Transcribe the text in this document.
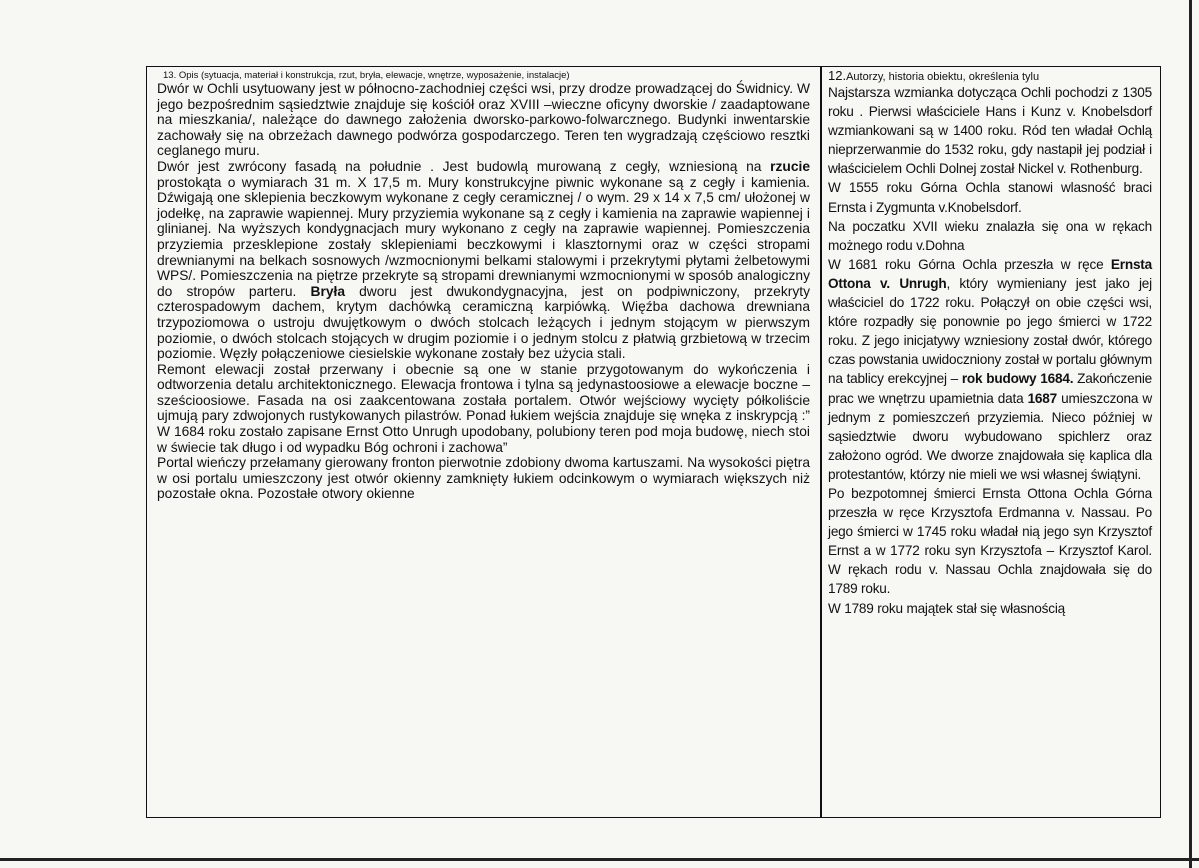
13. Opis (sytuacja, materiał i konstrukcja, rzut, bryła, elewacje, wnętrze, wyposażenie, instalacje)

Dwór w Ochli usytuowany jest w północno-zachodniej części wsi, przy drodze prowadzącej do Świdnicy. W jego bezpośrednim sąsiedztwie znajduje się kościół oraz XVIII –wieczne oficyny dworskie / zaadaptowane na mieszkania/, należące do dawnego założenia dworsko-parkowo-folwarcznego. Budynki inwentarskie zachowały się na obrzeżach dawnego podwórza gospodarczego. Teren ten wygradzają częściowo resztki ceglanego muru.

Dwór jest zwrócony fasadą na południe . Jest budowlą murowaną z cegły, wzniesioną na rzucie prostokąta o wymiarach 31 m. X 17,5 m. Mury konstrukcyjne piwnic wykonane są z cegły i kamienia. Dźwigają one sklepienia beczkowym wykonane z cegły ceramicznej / o wym. 29 x 14 x 7,5 cm/ ułożonej w jodełkę, na zaprawie wapiennej. Mury przyziemia wykonane są z cegły i kamienia na zaprawie wapiennej i glinianej. Na wyższych kondygnacjach mury wykonano z cegły na zaprawie wapiennej. Pomieszczenia przyziemia przesklepione zostały sklepieniami beczkowymi i klasztornymi oraz w części stropami drewnianymi na belkach sosnowych /wzmocnionymi belkami stalowymi i przekrytymi płytami żelbetowymi WPS/. Pomieszczenia na piętrze przekryte są stropami drewnianymi wzmocnionymi w sposób analogiczny do stropów parteru. Bryła dworu jest dwukondygnacyjna, jest on podpiwniczony, przekryty czterospadowym dachem, krytym dachówką ceramiczną karpiówką. Więźba dachowa drewniana trzypoziomowa o ustroju dwujętkowym o dwóch stolcach leżących i jednym stojącym w pierwszym poziomie, o dwóch stolcach stojących w drugim poziomie i o jednym stolcu z płatwią grzbietową w trzecim poziomie. Węzły połączeniowe ciesielskie wykonane zostały bez użycia stali.

Remont elewacji został przerwany i obecnie są one w stanie przygotowanym do wykończenia i odtworzenia detalu architektonicznego. Elewacja frontowa i tylna są jedynastoosiowe a elewacje boczne – sześcioosiowe. Fasada na osi zaakcentowana została portalem. Otwór wejściowy wycięty półkoliście ujmują pary zdwojonych rustykowanych pilastrów. Ponad łukiem wejścia znajduje się wnęka z inskrypcją :” W 1684 roku zostało zapisane Ernst Otto Unrugh upodobany, polubiony teren pod moja budowę, niech stoi w świecie tak długo i od wypadku Bóg ochroni i zachowa”

Portal wieńczy przełamany gierowany fronton pierwotnie zdobiony dwoma kartuszami. Na wysokości piętra w osi portalu umieszczony jest otwór okienny zamknięty łukiem odcinkowym o wymiarach większych niż pozostałe okna. Pozostałe otwory okienne

12.Autorzy, historia obiektu, określenia tylu

Najstarsza wzmianka dotycząca Ochli pochodzi z 1305 roku . Pierwsi właściciele Hans i Kunz v. Knobelsdorf wzmiankowani są w 1400 roku. Ród ten władał Ochlą nieprzerwanmie do 1532 roku, gdy nastapił jej podział i właścicielem Ochli Dolnej został Nickel v. Rothenburg.

W 1555 roku Górna Ochla stanowi wlasność braci Ernsta i Zygmunta v.Knobelsdorf.

Na poczatku XVII wieku znalazła się ona w rękach możnego rodu v.Dohna

W 1681 roku Górna Ochla przeszła w ręce Ernsta Ottona v. Unrugh, który wymieniany jest jako jej właściciel do 1722 roku. Połączył on obie części wsi, które rozpadły się ponownie po jego śmierci w 1722 roku. Z jego inicjatywy wzniesiony został dwór, którego czas powstania uwidoczniony został w portalu głównym na tablicy erekcyjnej – rok budowy 1684. Zakończenie prac we wnętrzu upamietnia data 1687 umieszczona w jednym z pomieszczeń przyziemia. Nieco później w sąsiedztwie dworu wybudowano spichlerz oraz założono ogród. We dworze znajdowała się kaplica dla protestantów, którzy nie mieli we wsi własnej świątyni.

Po bezpotomnej śmierci Ernsta Ottona Ochla Górna przeszła w ręce Krzysztofa Erdmanna v. Nassau. Po jego śmierci w 1745 roku władał nią jego syn Krzysztof Ernst a w 1772 roku syn Krzysztofa – Krzysztof Karol. W rękach rodu v. Nassau Ochla znajdowała się do 1789 roku.

W 1789 roku majątek stał się własnością
